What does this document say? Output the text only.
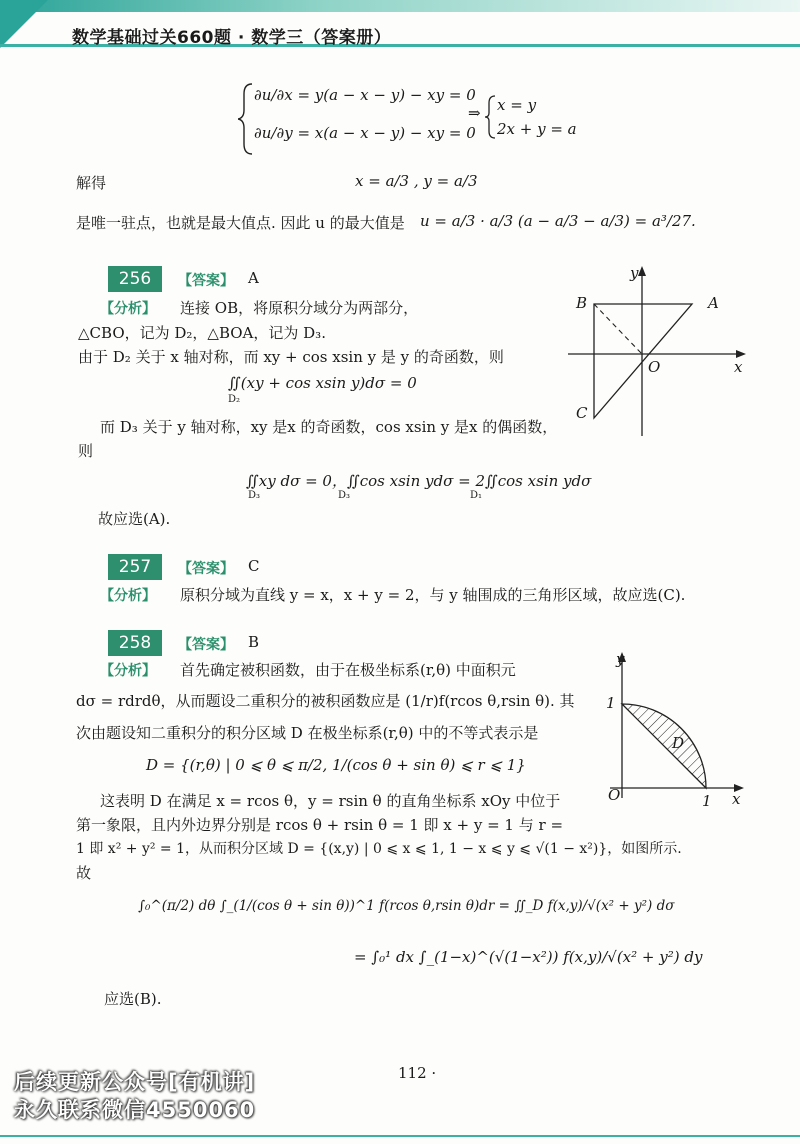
数学基础过关660题 · 数学三（答案册）
∂u/∂x = y(a − x − y) − xy = 0
∂u/∂y = x(a − x − y) − xy = 0
⇒ x = y
2x + y = a
解得	x = a/3 , y = a/3
是唯一驻点，也就是最大值点. 因此 u 的最大值是 u = a/3 · a/3 (a − a/3 − a/3) = a³/27.
256	【答案】 A
【分析】 连接 OB，将原积分域分为两部分，
△CBO，记为 D₂，△BOA，记为 D₃.
由于 D₂ 关于 x 轴对称，而 xy + cos xsin y 是 y 的奇函数，则
∬(xy + cos xsin y)dσ = 0
D₂
而 D₃ 关于 y 轴对称，xy 是x 的奇函数，cos xsin y 是x 的偶函数，
则
∬xy dσ = 0，∬cos xsin ydσ = 2∬cos xsin ydσ
D₃	D₃	D₁
故应选(A).
y
x
O
A
B
C
257	【答案】 C
【分析】 原积分域为直线 y = x，x + y = 2，与 y 轴围成的三角形区域，故应选(C).
258	【答案】 B
【分析】 首先确定被积函数，由于在极坐标系(r,θ) 中面积元
dσ = rdrdθ，从而题设二重积分的被积函数应是 (1/r)f(rcos θ,rsin θ). 其
次由题设知二重积分的积分区域 D 在极坐标系(r,θ) 中的不等式表示是
D = {(r,θ) | 0 ⩽ θ ⩽ π/2, 1/(cos θ + sin θ) ⩽ r ⩽ 1}
这表明 D 在满足 x = rcos θ，y = rsin θ 的直角坐标系 xOy 中位于
第一象限，且内外边界分别是 rcos θ + rsin θ = 1 即 x + y = 1 与 r =
1 即 x² + y² = 1，从而积分区域 D = {(x,y) | 0 ⩽ x ⩽ 1, 1 − x ⩽ y ⩽ √(1 − x²)}，如图所示.
故
∫₀^(π/2) dθ ∫_(1/(cos θ + sin θ))^1 f(rcos θ,rsin θ)dr = ∬_D f(x,y)/√(x² + y²) dσ
= ∫₀¹ dx ∫_(1−x)^(√(1−x²)) f(x,y)/√(x² + y²) dy
应选(B).
y
1
O	1 x
D
112 ·
后续更新公众号[有机讲]
永久联系微信4550060
